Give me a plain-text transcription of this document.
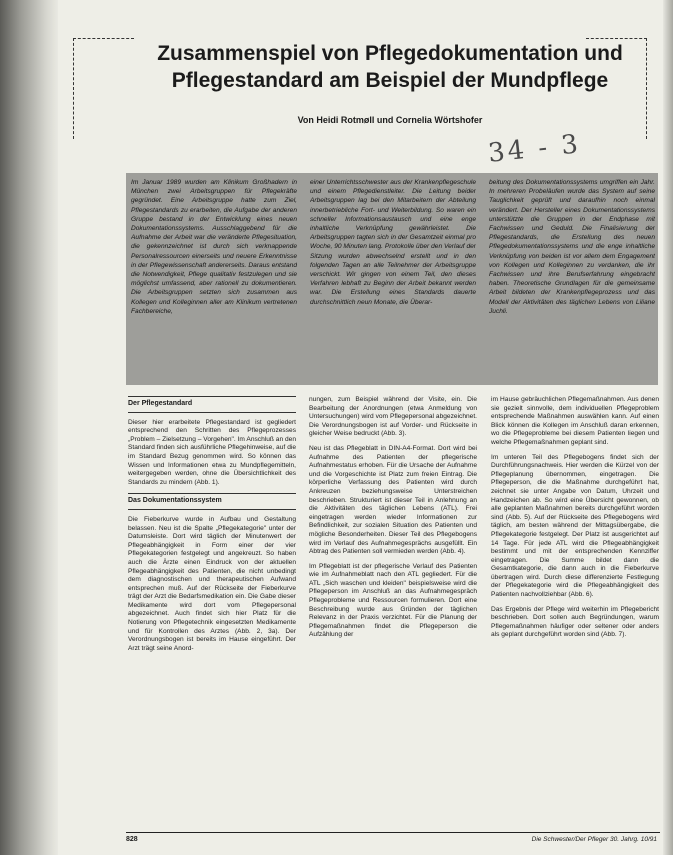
Zusammenspiel von Pflegedokumentation und Pflegestandard am Beispiel der Mundpflege
Von Heidi Rotmøll und Cornelia Wörtshofer
34 - 3

Im Januar 1989 wurden am Klinikum Großhadern in München zwei Arbeitsgruppen für Pflegekräfte gegründet. Eine Arbeitsgruppe hatte zum Ziel, Pflegestandards zu erarbeiten, die Aufgabe der anderen Gruppe bestand in der Entwicklung eines neuen Dokumentationssystems. Ausschlaggebend für die Aufnahme der Arbeit war die veränderte Pflegesituation, die gekennzeichnet ist durch sich verknappende Personalressourcen einerseits und neuere Erkenntnisse in der Pflegewissenschaft andererseits. Daraus entstand die Notwendigkeit, Pflege qualitativ festzulegen und sie möglichst umfassend, aber rationell zu dokumentieren. Die Arbeitsgruppen setzten sich zusammen aus Kollegen und Kolleginnen aller am Klinikum vertretenen Fachbereiche,

einer Unterrichtsschwester aus der Krankenpflegeschule und einem Pflegedienstleiter. Die Leitung beider Arbeitsgruppen lag bei den Mitarbeitern der Abteilung innerbetriebliche Fort- und Weiterbildung. So waren ein schneller Informationsaustausch und eine enge inhaltliche Verknüpfung gewährleistet. Die Arbeitsgruppen tagten sich in der Gesamtzeit einmal pro Woche, 90 Minuten lang. Protokolle über den Verlauf der Sitzung wurden abwechselnd erstellt und in den folgenden Tagen an alle Teilnehmer der Arbeitsgruppe verschickt. Wir gingen von einem Teil, den dieses Verfahren lebhaft zu Beginn der Arbeit bekannt werden war. Die Erstellung eines Standards dauerte durchschnittlich neun Monate, die Überar-

beitung des Dokumentationssystems umgriffen ein Jahr. In mehreren Probeläufen wurde das System auf seine Tauglichkeit geprüft und daraufhin noch einmal verändert. Der Hersteller eines Dokumentationssystems unterstützte die Gruppen in der Endphase mit Fachwissen und Geduld. Die Finalisierung der Pflegestandards, die Erstellung des neuen Pflegedokumentationssystems und die enge inhaltliche Verknüpfung von beiden ist vor allem dem Engagement von Kollegen und Kolleginnen zu verdanken, die ihr Fachwissen und ihre Berufserfahrung eingebracht haben. Theoretische Grundlagen für die gemeinsame Arbeit bildeten der Krankenpflegeprozess und das Modell der Aktivitäten des täglichen Lebens von Liliane Juchli.

Der Pflegestandard

Dieser hier erarbeitete Pflegestandard ist gegliedert entsprechend den Schritten des Pflegeprozesses „Problem – Zielsetzung – Vorgehen". Im Anschluß an den Standard finden sich ausführliche Pflegehinweise, auf die im Standard Bezug genommen wird. So können das Wissen und Informationen etwa zu Mundpflegemitteln, weitergegeben werden, ohne die Übersichtlichkeit des Standards zu mindern (Abb. 1).

Das Dokumentationssystem

Die Fieberkurve wurde in Aufbau und Gestaltung belassen. Neu ist die Spalte „Pflegekategorie" unter der Datumsleiste. Dort wird täglich der Minutenwert der Pflegeabhängigkeit in Form einer der vier Pflegekategorien festgelegt und angekreuzt. So haben auch die Ärzte einen Eindruck von der aktuellen Pflegeabhängigkeit des Patienten, die nicht unbedingt dem diagnostischen und therapeutischen Aufwand entsprechen muß. Auf der Rückseite der Fieberkurve trägt der Arzt die Bedarfsmedikation ein. Die Gabe dieser Medikamente wird dort vom Pflegepersonal abgezeichnet. Auch findet sich hier Platz für die Notierung von Pflegetechnik eingesetzten Medikamente und für Kontrollen des Arztes (Abb. 2, 3a). Der Verordnungsbogen ist bereits im Hause eingeführt. Der Arzt trägt seine Anord-

nungen, zum Beispiel während der Visite, ein. Die Bearbeitung der Anordnungen (etwa Anmeldung von Untersuchungen) wird vom Pflegepersonal abgezeichnet. Die Verordnungsbogen ist auf Vorder- und Rückseite in gleicher Weise bedruckt (Abb. 3).

Neu ist das Pflegeblatt in DIN-A4-Format. Dort wird bei Aufnahme des Patienten der pflegerische Aufnahmestatus erhoben. Für die Ursache der Aufnahme und die Vorgeschichte ist Platz zum freien Eintrag. Die körperliche Verfassung des Patienten wird durch Ankreuzen beziehungsweise Unterstreichen beschrieben. Strukturiert ist dieser Teil in Anlehnung an die Aktivitäten des täglichen Lebens (ATL). Frei eingetragen werden wieder Informationen zur Befindlichkeit, zur sozialen Situation des Patienten und mögliche Besonderheiten. Dieser Teil des Pflegebogens wird im Verlauf des Aufnahmegesprächs ausgefüllt. Ein Abtrag des Patienten soll vermieden werden (Abb. 4).

Im Pflegeblatt ist der pflegerische Verlauf des Patienten wie im Aufnahmeblatt nach den ATL gegliedert. Für die ATL „Sich waschen und kleiden" beispielsweise wird die Pflegeperson im Anschluß an das Aufnahmegespräch Pflegeprobleme und Ressourcen formulieren. Dort eine Beschreibung wurde aus Gründen der täglichen Relevanz in der Praxis verzichtet. Für die Planung der Pflegemaßnahmen findet die Pflegeperson die Aufzählung der

im Hause gebräuchlichen Pflegemaßnahmen. Aus denen sie gezielt sinnvolle, dem individuellen Pflegeproblem entsprechende Maßnahmen auswählen kann. Auf einen Blick können die Kollegen im Anschluß daran erkennen, wo die Pflegeprobleme bei diesem Patienten liegen und welche Pflegemaßnahmen geplant sind.

Im unteren Teil des Pflegebogens findet sich der Durchführungsnachweis. Hier werden die Kürzel von der Pflegeplanung übernommen, eingetragen. Die Pflegeperson, die die Maßnahme durchgeführt hat, zeichnet sie unter Angabe von Datum, Uhrzeit und Handzeichen ab. So wird eine Übersicht gewonnen, ob alle geplanten Maßnahmen bereits durchgeführt worden sind (Abb. 5). Auf der Rückseite des Pflegebogens wird täglich, am besten während der Mittagsübergabe, die Pflegekategorie festgelegt. Der Platz ist ausgerichtet auf 14 Tage. Für jede ATL wird die Pflegeabhängigkeit bestimmt und mit der entsprechenden Kennziffer eingetragen. Die Summe bildet dann die Gesamtkategorie, die dann auch in die Fieberkurve übertragen wird. Durch diese differenzierte Festlegung der Pflegekategorie wird die Pflegeabhängigkeit des Patienten nachvollziehbar (Abb. 6).

Das Ergebnis der Pflege wird weiterhin im Pflegebericht beschrieben. Dort sollen auch Begründungen, warum Pflegemaßnahmen häufiger oder seltener oder anders als geplant durchgeführt worden sind (Abb. 7).

828	Die Schwester/Der Pfleger 30. Jahrg. 10/91
